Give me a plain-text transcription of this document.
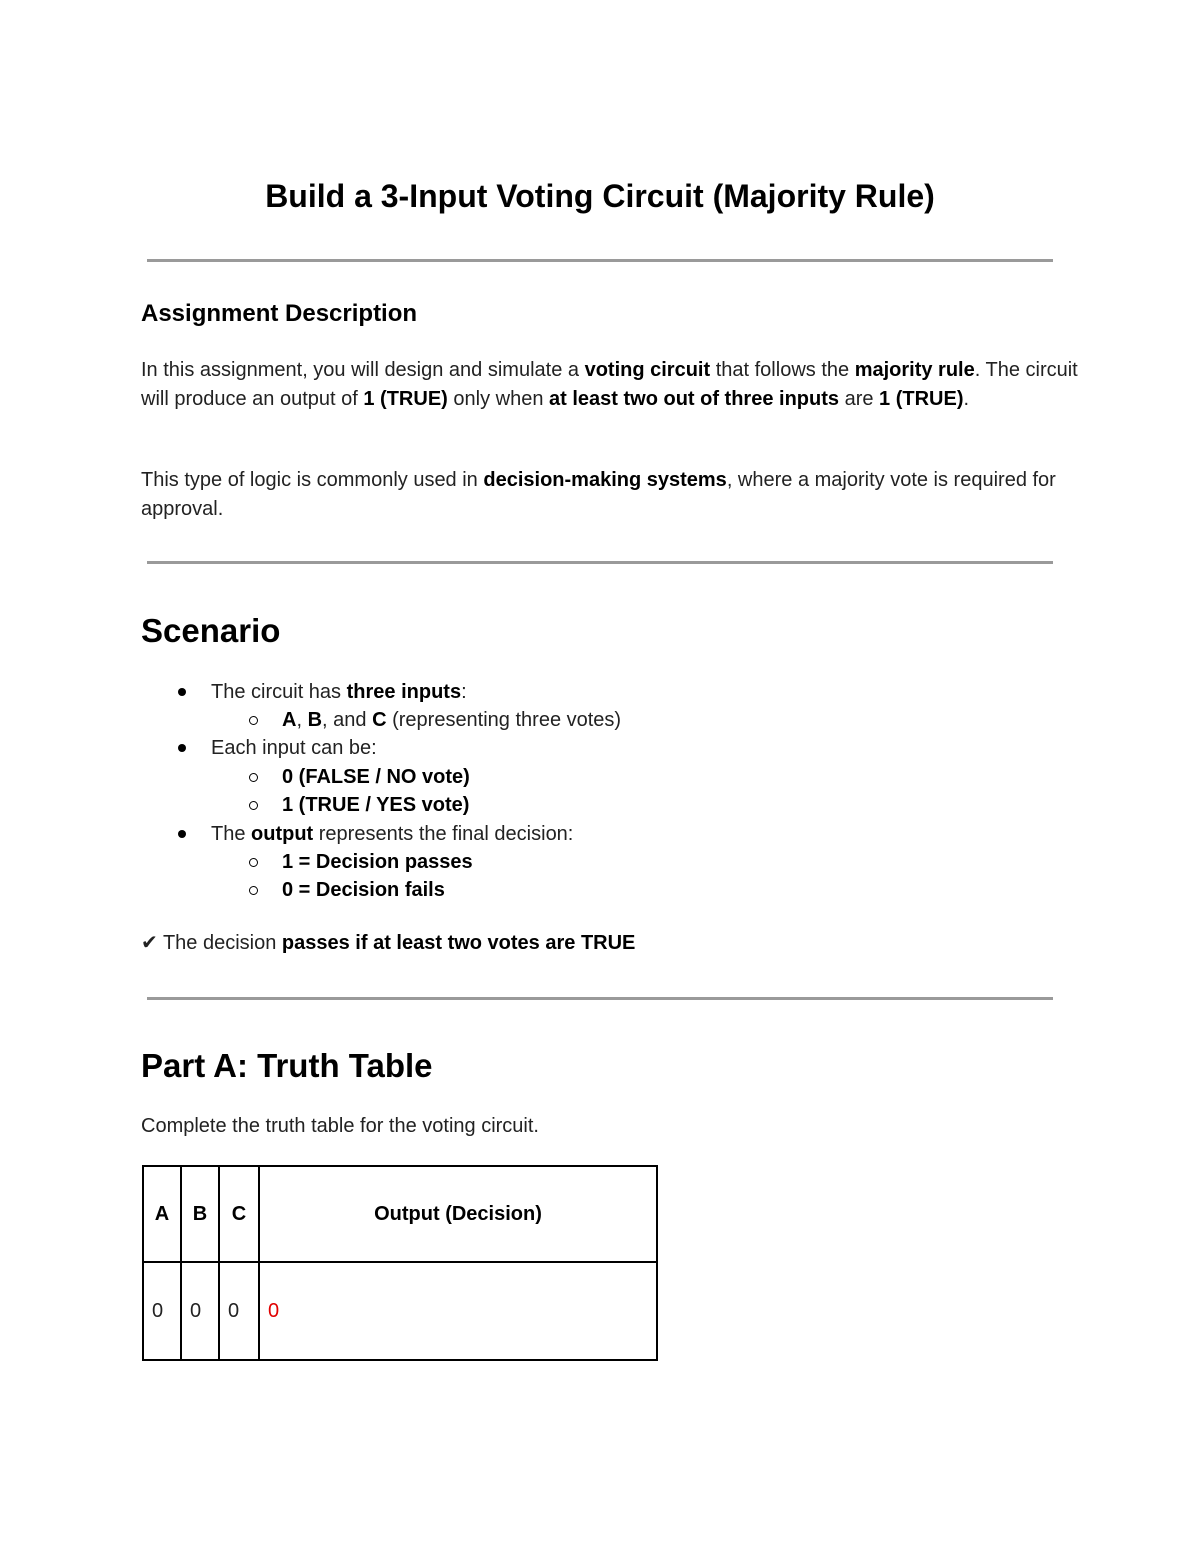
Build a 3-Input Voting Circuit (Majority Rule)
Assignment Description

In this assignment, you will design and simulate a voting circuit that follows the majority rule. The circuit will produce an output of 1 (TRUE) only when at least two out of three inputs are 1 (TRUE).

This type of logic is commonly used in decision-making systems, where a majority vote is required for approval.

Scenario
The circuit has three inputs:
A, B, and C (representing three votes)
Each input can be:
0 (FALSE / NO vote)
1 (TRUE / YES vote)
The output represents the final decision:
1 = Decision passes
0 = Decision fails
✔ The decision passes if at least two votes are TRUE
Part A: Truth Table

Complete the truth table for the voting circuit.

A	B	C	Output (Decision)
0	0	0	0
